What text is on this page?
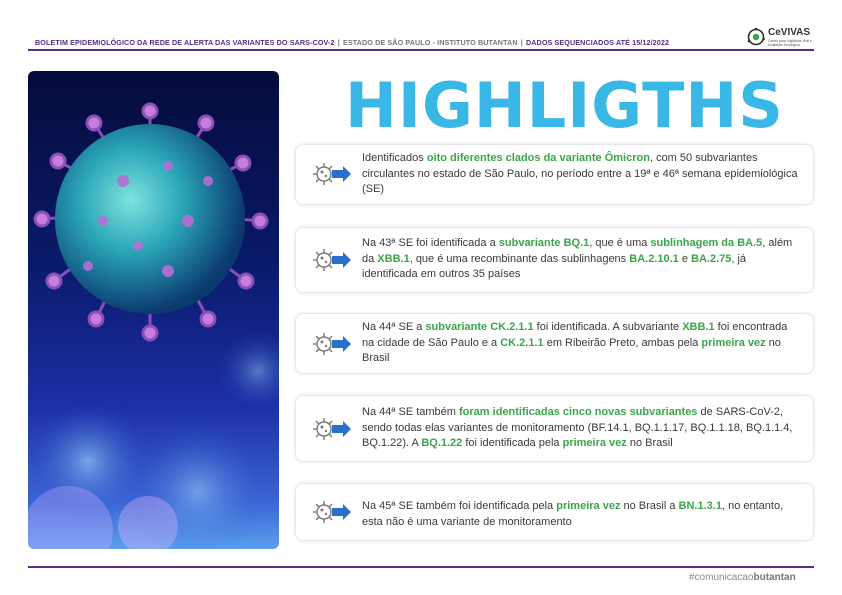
BOLETIM EPIDEMIOLÓGICO DA REDE DE ALERTA DAS VARIANTES DO SARS-COV-2 | ESTADO DE SÃO PAULO - INSTITUTO BUTANTAN | DADOS SEQUENCIADOS ATÉ 15/12/2022
CeVIVAS
Centro para Vigilância Viral e Avaliação Sorológica
HIGHLIGTHS
Identificados oito diferentes clados da variante Ômicron, com 50 subvariantes circulantes no estado de São Paulo, no período entre a 19ª e 46ª semana epidemiológica (SE)
Na 43ª SE foi identificada a subvariante BQ.1, que é uma sublinhagem da BA.5, além da XBB.1, que é uma recombinante das sublinhagens BA.2.10.1 e BA.2.75, já identificada em outros 35 países
Na 44ª SE a subvariante CK.2.1.1 foi identificada. A subvariante XBB.1 foi encontrada na cidade de São Paulo e a CK.2.1.1 em Ribeirão Preto, ambas pela primeira vez no Brasil
Na 44ª SE também foram identificadas cinco novas subvariantes de SARS-CoV-2, sendo todas elas variantes de monitoramento (BF.14.1, BQ.1.1.17, BQ.1.1.18, BQ.1.1.4, BQ.1.22). A BQ.1.22 foi identificada pela primeira vez no Brasil
Na 45ª SE também foi identificada pela primeira vez no Brasil a BN.1.3.1, no entanto, esta não é uma variante de monitoramento
#comunicacaobutantan
